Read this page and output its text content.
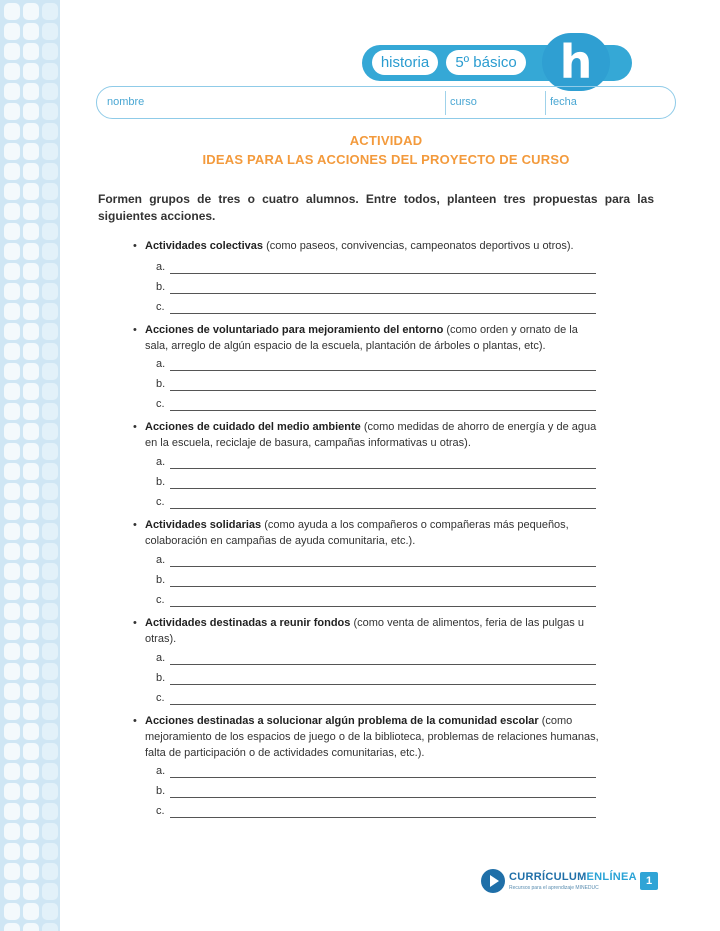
historia	5º básico h
nombre	curso	fecha
ACTIVIDAD
IDEAS PARA LAS ACCIONES DEL PROYECTO DE CURSO
Formen grupos de tres o cuatro alumnos. Entre todos, planteen tres propuestas para las siguientes acciones.
• Actividades colectivas (como paseos, convivencias, campeonatos deportivos u otros).
a.
b.
c.
• Acciones de voluntariado para mejoramiento del entorno (como orden y ornato de la sala, arreglo de algún espacio de la escuela, plantación de árboles o plantas, etc).
a.
b.
c.
• Acciones de cuidado del medio ambiente (como medidas de ahorro de energía y de agua en la escuela, reciclaje de basura, campañas informativas u otras).
a.
b.
c.
• Actividades solidarias (como ayuda a los compañeros o compañeras más pequeños, colaboración en campañas de ayuda comunitaria, etc.).
a.
b.
c.
• Actividades destinadas a reunir fondos (como venta de alimentos, feria de las pulgas u otras).
a.
b.
c.
• Acciones destinadas a solucionar algún problema de la comunidad escolar (como mejoramiento de los espacios de juego o de la biblioteca, problemas de relaciones humanas, falta de participación o de actividades comunitarias, etc.).
a.
b.
c.
CURRÍCULUMENLÍNEA
Recursos para el aprendizaje MINEDUC
1
